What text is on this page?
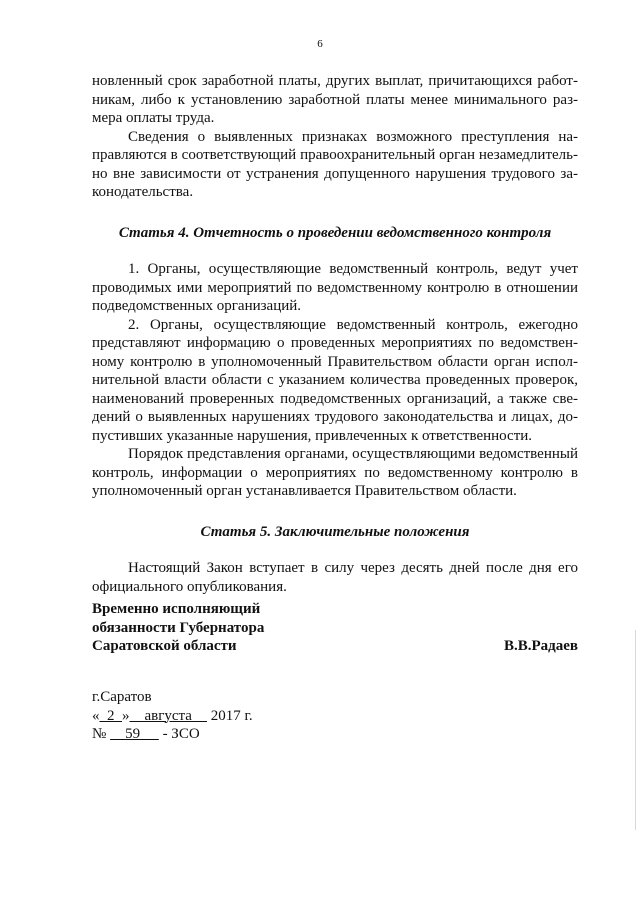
6

новленный срок заработной платы, других выплат, причитающихся работникам, либо к установлению заработной платы менее минимального размера оплаты труда.

Сведения о выявленных признаках возможного преступления направляются в соответствующий правоохранительный орган незамедлительно вне зависимости от устранения допущенного нарушения трудового законодательства.

Статья 4. Отчетность о проведении ведомственного контроля

1. Органы, осуществляющие ведомственный контроль, ведут учет проводимых ими мероприятий по ведомственному контролю в отношении подведомственных организаций.

2. Органы, осуществляющие ведомственный контроль, ежегодно представляют информацию о проведенных мероприятиях по ведомственному контролю в уполномоченный Правительством области орган исполнительной власти области с указанием количества проведенных проверок, наименований проверенных подведомственных организаций, а также сведений о выявленных нарушениях трудового законодательства и лицах, допустивших указанные нарушения, привлеченных к ответственности.

Порядок представления органами, осуществляющими ведомственный контроль, информации о мероприятиях по ведомственному контролю в уполномоченный орган устанавливается Правительством области.

Статья 5. Заключительные положения

Настоящий Закон вступает в силу через десять дней после дня его официального опубликования.

Временно исполняющий
обязанности Губернатора
Саратовской области	В.В.Радаев
г.Саратов
« 2 » августа 2017 г.
№ 59 - ЗСО
